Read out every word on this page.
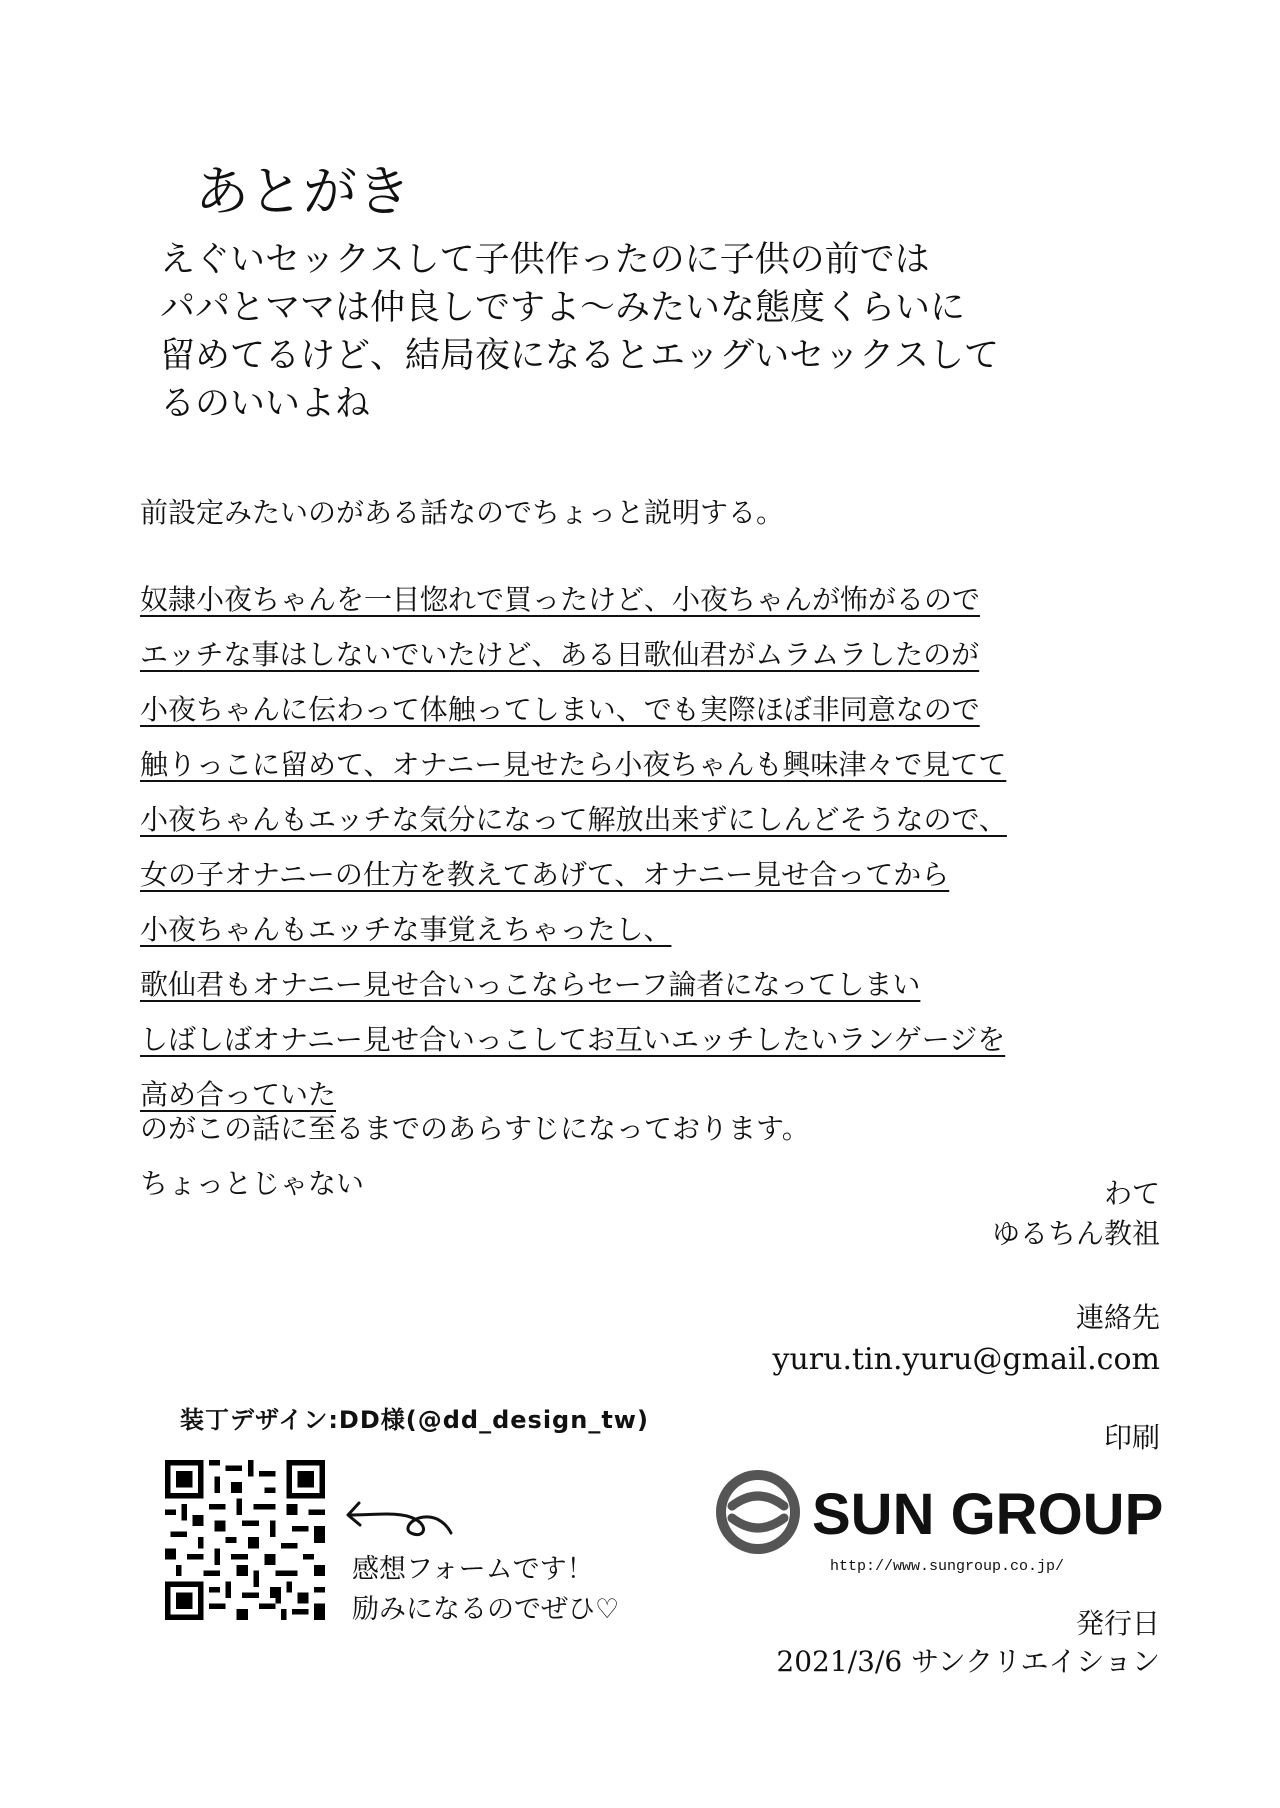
あとがき
えぐいセックスして子供作ったのに子供の前では
パパとママは仲良しですよ〜みたいな態度くらいに
留めてるけど、結局夜になるとエッグいセックスして
るのいいよね
前設定みたいのがある話なのでちょっと説明する。
奴隷小夜ちゃんを一目惚れで買ったけど、小夜ちゃんが怖がるので
エッチな事はしないでいたけど、ある日歌仙君がムラムラしたのが
小夜ちゃんに伝わって体触ってしまい、でも実際ほぼ非同意なので
触りっこに留めて、オナニー見せたら小夜ちゃんも興味津々で見てて
小夜ちゃんもエッチな気分になって解放出来ずにしんどそうなので、
女の子オナニーの仕方を教えてあげて、オナニー見せ合ってから
小夜ちゃんもエッチな事覚えちゃったし、
歌仙君もオナニー見せ合いっこならセーフ論者になってしまい
しばしばオナニー見せ合いっこしてお互いエッチしたいランゲージを
高め合っていた
のがこの話に至るまでのあらすじになっております。
ちょっとじゃない	わて
ゆるちん教祖
連絡先
yuru.tin.yuru@gmail.com
装丁デザイン:DD様(@dd_design_tw)
感想フォームです！
励みになるのでぜひ♡
印刷
SUN GROUP
http://www.sungroup.co.jp/
発行日
2021/3/6 サンクリエイション
